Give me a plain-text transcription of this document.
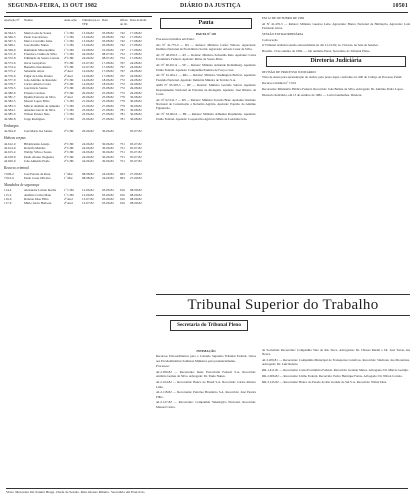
SEGUNDA-FEIRA, 13 OUT 1982	DIÁRIO DA JUSTIÇA	10501
Apelação Nº	Nomes	Autu-ação	Tribunal pa-ra TFR
Data	Ofício de Or.
Data de Rem.
42.564-5	Maria Leda de Souza	1º CJM	13-06-82	03-08-82	742	17-08-82
42.566-5	Paulo José Afonso	1º CJM	13-06-82	03-08-82	742	17-08-82
42.567-3	Marco Carvalho Lima	1º CJM	13-06-82	03-08-82	742	17-08-82
42.568-1	José Aurélio Nunes	1º CJM	13-06-82	03-08-82	742	17-08-82
42.569-9	Raimundo Mascarenhas	1º CJM	19-08-82	01-09-82	747	17-08-82
42.571-0	Francisco Cunha da Silva	1º CJM	24-06-82	08-07-82	752	17-08-82
42.572-8	Edmundo de Souza Correia	2ª CJM	24-06-82	08-07-82	752	17-08-82
42.573-6	Oscar Gonçalves	3ª CJM	10-07-82	17-08-82	767	24-08-82
42.574-4	Benedito Nascimento	3ª CJM	10-07-82	17-08-82	767	24-08-82
42.575-2	Sebastião Alves	2ª Aud	14-06-82	17-08-82	767	24-08-82
42.576-0	Edgar de Lima Pereira	2ª Aud	14-06-82	17-08-82	767	24-08-82
42.577-9	João Antônio de Rezende	2ª CJM	14-06-82	18-06-82	772	24-08-82
42.578-7	Carlos Alberto Costa	2ª CJM	14-06-82	18-06-82	772	24-08-82
42.579-5	José Inácio Santos	2ª CJM	20-06-82	25-08-82	772	26-08-82
42.580-9	Ernesto Cardoso	2ª CJM	20-06-82	25-08-82	772	26-08-82
42.581-7	Djalma Ferreira da Silva	2ª Aud	20-06-82	25-08-82	779	30-08-82
42.582-5	Moacir Lopes Filho	1º CJM	21-06-82	25-08-82	779	30-08-82
42.583-3	Márcio Antônio de Almeida	1º CJM	21-06-82	27-08-82	779	30-08-82
42.584-1	Amadeu Garcia da Silva	1º CJM	23-06-82	27-08-82	781	30-08-82
42.585-0	Wilson Pereira Neto	1º CJM	23-06-82	27-08-82	781	30-08-82
42.586-8	Jorge Rodrigues	1º CJM	23-06-82	27-08-82	781	30-08-82
Embargos
42.594-9	José Maria dos Santos	2ª CJM	20-06-82	30-06-82	05-07-82
Habeas corpus
42.612-0	Hildebrando Araújo	2ª CJM	24-06-82	30-06-82	751	05-07-82
42.614-6	Rodolfo Mendes	2ª CJM	24-06-82	30-06-82	751	05-07-82
42.615-4	Waldyr Silva e Souza	2ª CJM	24-06-82	30-06-82	751	05-07-82
42.618-9	Paulo Afonso Nogueira	2ª CJM	24-06-82	30-06-82	751	05-07-82
42.620-0	João Almeida Prado	2ª CJM	24-06-82	30-06-82	751	05-07-82
Recurso criminal
7.006-2	José Pereira da Rosa	1º Mar	08-08-82	24-09-82	903	27-09-82
7.010-0	Paulo Cesar Oliveira	1º Mar	08-08-82	24-09-82	903	27-09-82
Mandados de segurança
114-4	Alexandre Lobato Rocha	1º CJM	12-06-82	03-09-82	916	08-09-82
115-2	Antônio Carlos Maia	1º CJM	12-06-82	03-09-82	916	08-09-82
116-0	Roberto Dias Filho	2ª Aud	13-07-82	03-09-82	916	08-09-82
117-9	Mário Lúcio Barbosa	2ª Aud	13-07-82	03-09-82	916	08-09-82
Pauta
PAUTA Nº 129
Processos incluídos em Pauta:
AG Nº 41.775-0 — RS — Relator: Ministro Carlos Velloso. Agravante: Instituto Nacional de Previdência Social. Agravado: Ariosto Cesar da Silva.
AC Nº 48.059-3 — RJ — Relator: Ministro Sebastião Reis. Apelante: Caixa Econômica Federal. Apelado: Mário de Souza Pinto.
AC Nº 60.451-9 — SP — Relator: Ministro Armando Rollemberg. Apelante: União Federal. Apelado: Companhia Paulista de Força e Luz.
AC Nº 61.204-1 — MG — Relator: Ministro Washington Bolívar. Apelante: Fazenda Nacional. Apelado: Indústria Mineira de Tecidos S.A.
AMS Nº 93.418-5 — DF — Relator: Ministro Geraldo Sobral. Apelante: Departamento Nacional de Estradas de Rodagem. Apelado: José Ribeiro da Costa.
AC Nº 62.541-7 — RS — Relator: Ministro Torreão Braz. Apelante: Instituto Nacional de Colonização e Reforma Agrária. Apelado: Espólio de Antônio Figueiredo.
AC Nº 63.002-6 — PR — Relator: Ministro Adhemar Raymundo. Apelante: União Federal. Apelado: Cooperativa Agrícola Mista de Londrina Ltda.
EM 12 DE OUTUBRO DE 1982
AI Nº 41.476-5 — Relator: Ministro Gueiros Leite. Agravante: Banco Nacional de Habitação. Agravado: Luiz Fernando Alves.
SESSÃO EXTRAORDINÁRIA
Convocação
O Tribunal realizará sessão extraordinária no dia 21-10-82, às 13 horas, na Sala de Sessões.
Brasília, 13 de outubro de 1982. — Jair Antônio Peres, Secretário do Tribunal Pleno.
Diretoria Judiciária
DIVISÃO DE PROCESSO JUDICIÁRIO
Vista de Autos para apresentação de razões, pelo prazo legal, conforme art. 600 do Código de Processo Penal:
Recurso Criminal nº 7.019
Recorrente: Ministério Público Federal. Recorrido: João Batista da Silva. Advogado: Dr. Antônio Pedro Lopes.
Diretoria Judiciária, em 13 de outubro de 1982. — Lúcia Guimarães, Diretora.
Tribunal Superior do Trabalho
Secretaria do Tribunal Pleno
INTIMAÇÃO
Recursos Extraordinários para o Colendo Supremo Tribunal Federal, vistos aos Excelentíssimos Senhores Ministros para pronunciamento.
Processos:
AI-2.050-82 — Recorrente: Rede Ferroviária Federal S.A. Recorrido: Antônio Gomes da Silva. Advogado: Dr. Paulo Nunes.
AI-2.104-82 — Recorrente: Banco do Brasil S.A. Recorrido: Carlos Alberto Lima.
AI-2.118-82 — Recorrente: Petróleo Brasileiro S.A. Recorrido: José Pereira Filho.
AI-2.127-82 — Recorrente: Companhia Siderúrgica Nacional. Recorrido: Manoel Castro.
da Sociedade Recorrente: Companhia Vale do Rio Doce. Advogados: Dr. Ulisses Riedel e Dr. José Torres das Neves.
AI-3.209-81 — Recorrente: Companhia Municipal de Transportes Coletivos. Recorrido: Sindicato dos Motoristas. Advogado: Dr. Luiz Renato.
RR-1.411-81 — Recorrente: Caixa Econômica Federal. Recorrido: Geraldo Matos. Advogado: Dr. Márcio Gontijo.
RR-2.006-82 — Recorrente: União Federal. Recorrido: Pedro Henrique Farias. Advogado: Dr. Nilton Correia.
RR-3.145-82 — Recorrente: Banco do Estado do Rio Grande do Sul S.A. Recorrido: Walter Dias.
Visto: Mercedes Iris Sandra Braga. Chefe da Sessão. Reis Afonso Ribeiro. Secretária em Exercício.
